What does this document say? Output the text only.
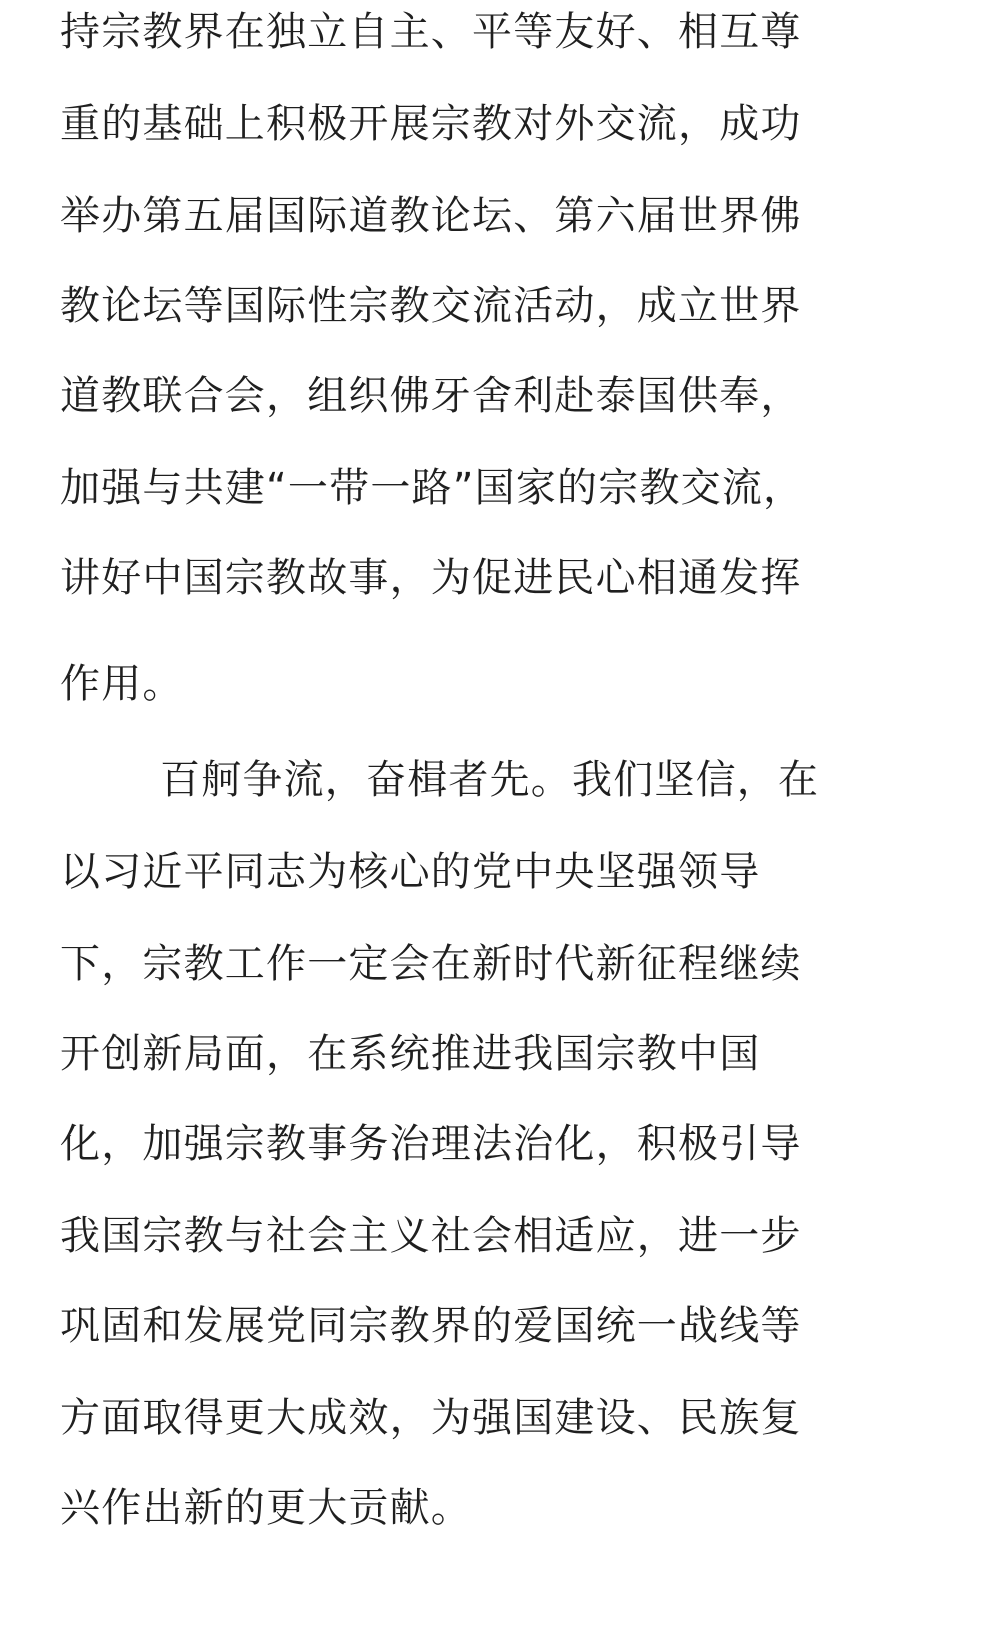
持宗教界在独立自主、平等友好、相互尊
重的基础上积极开展宗教对外交流，成功
举办第五届国际道教论坛、第六届世界佛
教论坛等国际性宗教交流活动，成立世界
道教联合会，组织佛牙舍利赴泰国供奉，
加强与共建“一带一路”国家的宗教交流，
讲好中国宗教故事，为促进民心相通发挥
作用。
百舸争流，奋楫者先。我们坚信，在
以习近平同志为核心的党中央坚强领导
下，宗教工作一定会在新时代新征程继续
开创新局面，在系统推进我国宗教中国
化，加强宗教事务治理法治化，积极引导
我国宗教与社会主义社会相适应，进一步
巩固和发展党同宗教界的爱国统一战线等
方面取得更大成效，为强国建设、民族复
兴作出新的更大贡献。
